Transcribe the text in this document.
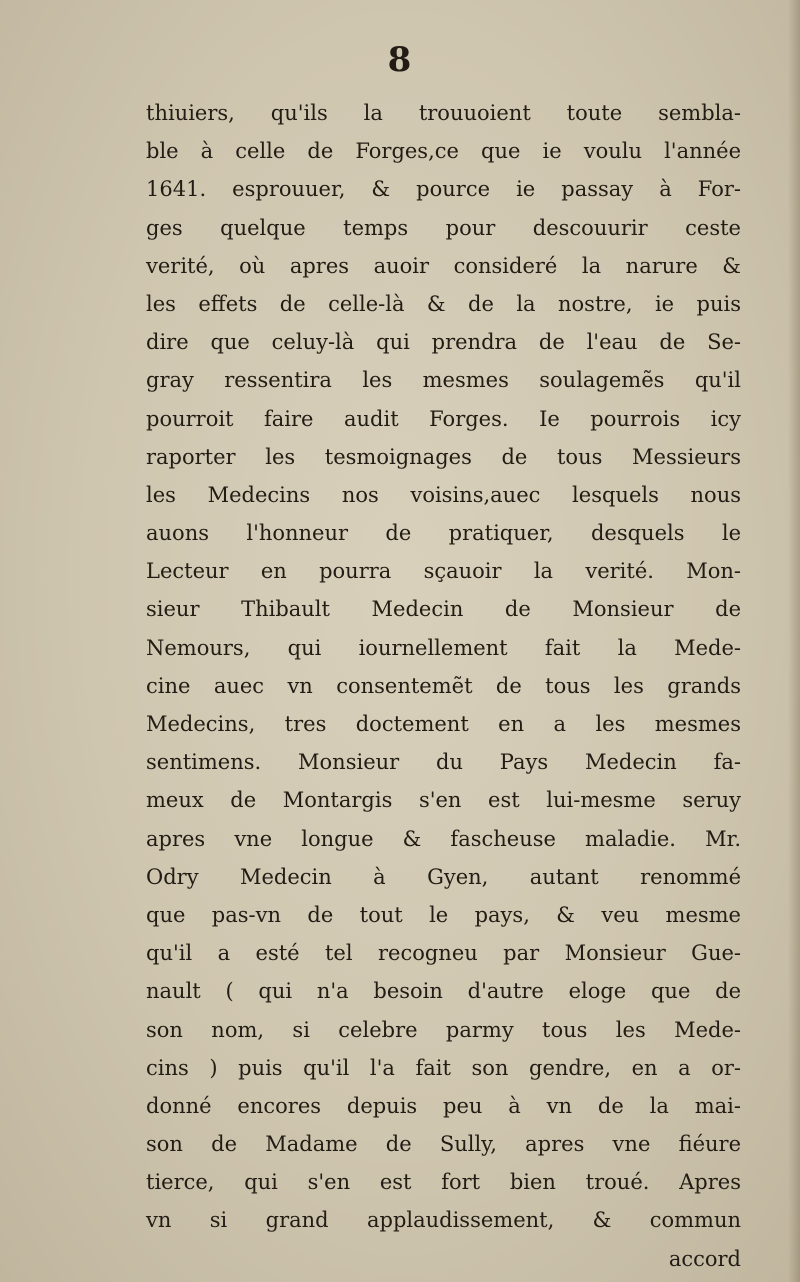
8
thiuiers, qu'ils la trouuoient toute sembla-
ble à celle de Forges,ce que ie voulu l'année
1641. esprouuer, & pource ie passay à For-
ges quelque temps pour descouurir ceste
verité, où apres auoir consideré la narure &
les effets de celle-là & de la nostre, ie puis
dire que celuy-là qui prendra de l'eau de Se-
gray ressentira les mesmes soulagemẽs qu'il
pourroit faire audit Forges. Ie pourrois icy
raporter les tesmoignages de tous Messieurs
les Medecins nos voisins,auec lesquels nous
auons l'honneur de pratiquer, desquels le
Lecteur en pourra sçauoir la verité. Mon-
sieur Thibault Medecin de Monsieur de
Nemours, qui iournellement fait la Mede-
cine auec vn consentemẽt de tous les grands
Medecins, tres doctement en a les mesmes
sentimens. Monsieur du Pays Medecin fa-
meux de Montargis s'en est lui-mesme seruy
apres vne longue & fascheuse maladie. Mr.
Odry Medecin à Gyen, autant renommé
que pas-vn de tout le pays, & veu mesme
qu'il a esté tel recogneu par Monsieur Gue-
nault ( qui n'a besoin d'autre eloge que de
son nom, si celebre parmy tous les Mede-
cins ) puis qu'il l'a fait son gendre, en a or-
donné encores depuis peu à vn de la mai-
son de Madame de Sully, apres vne fiéure
tierce, qui s'en est fort bien troué. Apres
vn si grand applaudissement, & commun
accord
